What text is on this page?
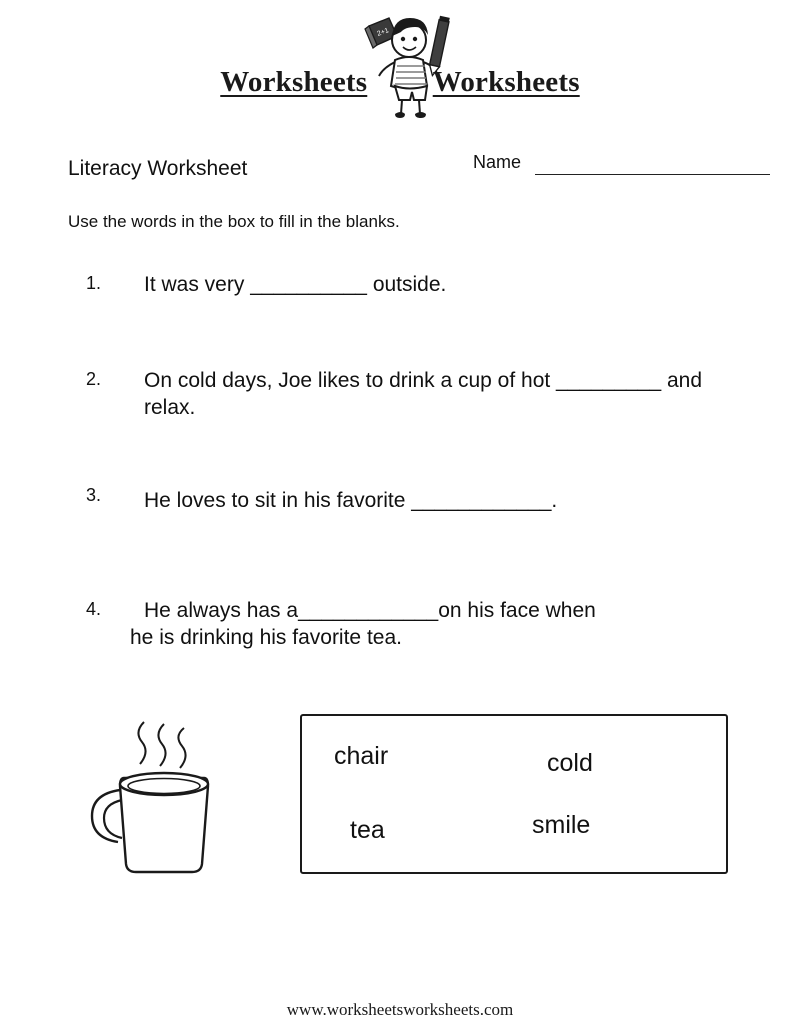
2+1
Worksheets Worksheets
Literacy Worksheet	Name
Use the words in the box to fill in the blanks.
1.	It was very __________ outside.
2.	On cold days, Joe likes to drink a cup of hot _________ and relax.
3.	He loves to sit in his favorite ____________.
4.	He always has a____________on his face when
he is drinking his favorite tea.
chair	cold
tea	smile
www.worksheetsworksheets.com
